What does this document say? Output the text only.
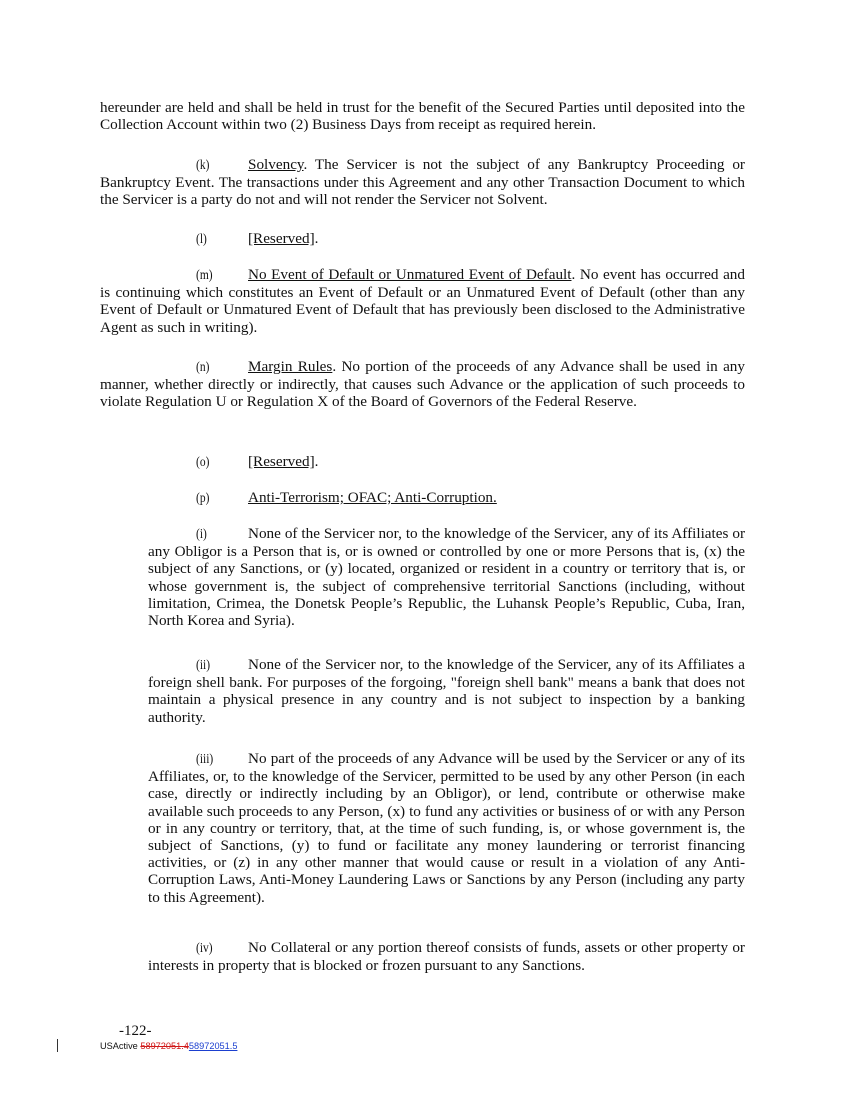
hereunder are held and shall be held in trust for the benefit of the Secured Parties until deposited into the Collection Account within two (2) Business Days from receipt as required herein.

(k)	Solvency. The Servicer is not the subject of any Bankruptcy Proceeding or Bankruptcy Event. The transactions under this Agreement and any other Transaction Document to which the Servicer is a party do not and will not render the Servicer not Solvent.

(l)	[Reserved].

(m) No Event of Default or Unmatured Event of Default. No event has occurred and is continuing which constitutes an Event of Default or an Unmatured Event of Default (other than any Event of Default or Unmatured Event of Default that has previously been disclosed to the Administrative Agent as such in writing).

(n)	Margin Rules. No portion of the proceeds of any Advance shall be used in any manner, whether directly or indirectly, that causes such Advance or the application of such proceeds to violate Regulation U or Regulation X of the Board of Governors of the Federal Reserve.

(o)	[Reserved].

(p)	Anti-Terrorism; OFAC; Anti-Corruption.

(i)	None of the Servicer nor, to the knowledge of the Servicer, any of its Affiliates or any Obligor is a Person that is, or is owned or controlled by one or more Persons that is, (x) the subject of any Sanctions, or (y) located, organized or resident in a country or territory that is, or whose government is, the subject of comprehensive territorial Sanctions (including, without limitation, Crimea, the Donetsk People’s Republic, the Luhansk People’s Republic, Cuba, Iran, North Korea and Syria).

(ii) None of the Servicer nor, to the knowledge of the Servicer, any of its Affiliates a foreign shell bank. For purposes of the forgoing, "foreign shell bank" means a bank that does not maintain a physical presence in any country and is not subject to inspection by a banking authority.

(iii) No part of the proceeds of any Advance will be used by the Servicer or any of its Affiliates, or, to the knowledge of the Servicer, permitted to be used by any other Person (in each case, directly or indirectly including by an Obligor), or lend, contribute or otherwise make available such proceeds to any Person, (x) to fund any activities or business of or with any Person or in any country or territory, that, at the time of such funding, is, or whose government is, the subject of Sanctions, (y) to fund or facilitate any money laundering or terrorist financing activities, or (z) in any other manner that would cause or result in a violation of any Anti-Corruption Laws, Anti-Money Laundering Laws or Sanctions by any Person (including any party to this Agreement).

(iv) No Collateral or any portion thereof consists of funds, assets or other property or interests in property that is blocked or frozen pursuant to any Sanctions.

-122-
USActive 58972051.458972051.5
